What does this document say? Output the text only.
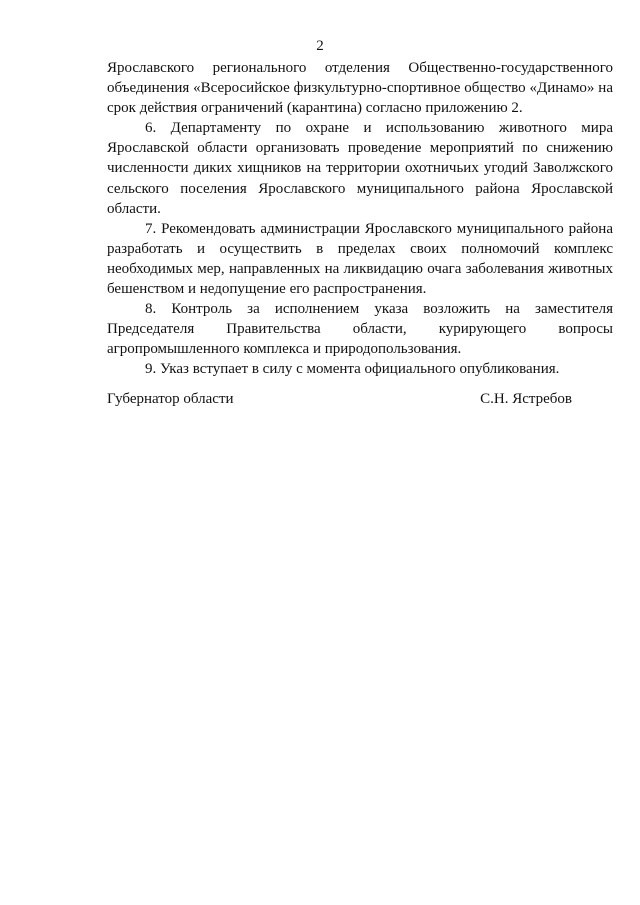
2

Ярославского регионального отделения Общественно-государственного объединения «Всеросийское физкультурно-спортивное общество «Динамо» на срок действия ограничений (карантина) согласно приложению 2.

6. Департаменту по охране и использованию животного мира Ярославской области организовать проведение мероприятий по снижению численности диких хищников на территории охотничьих угодий Заволжского сельского поселения Ярославского муниципального района Ярославской области.

7. Рекомендовать администрации Ярославского муниципального района разработать и осуществить в пределах своих полномочий комплекс необходимых мер, направленных на ликвидацию очага заболевания животных бешенством и недопущение его распространения.

8. Контроль за исполнением указа возложить на заместителя Председателя Правительства области, курирующего вопросы агропромышленного комплекса и природопользования.

9. Указ вступает в силу с момента официального опубликования.

Губернатор области	С.Н. Ястребов
